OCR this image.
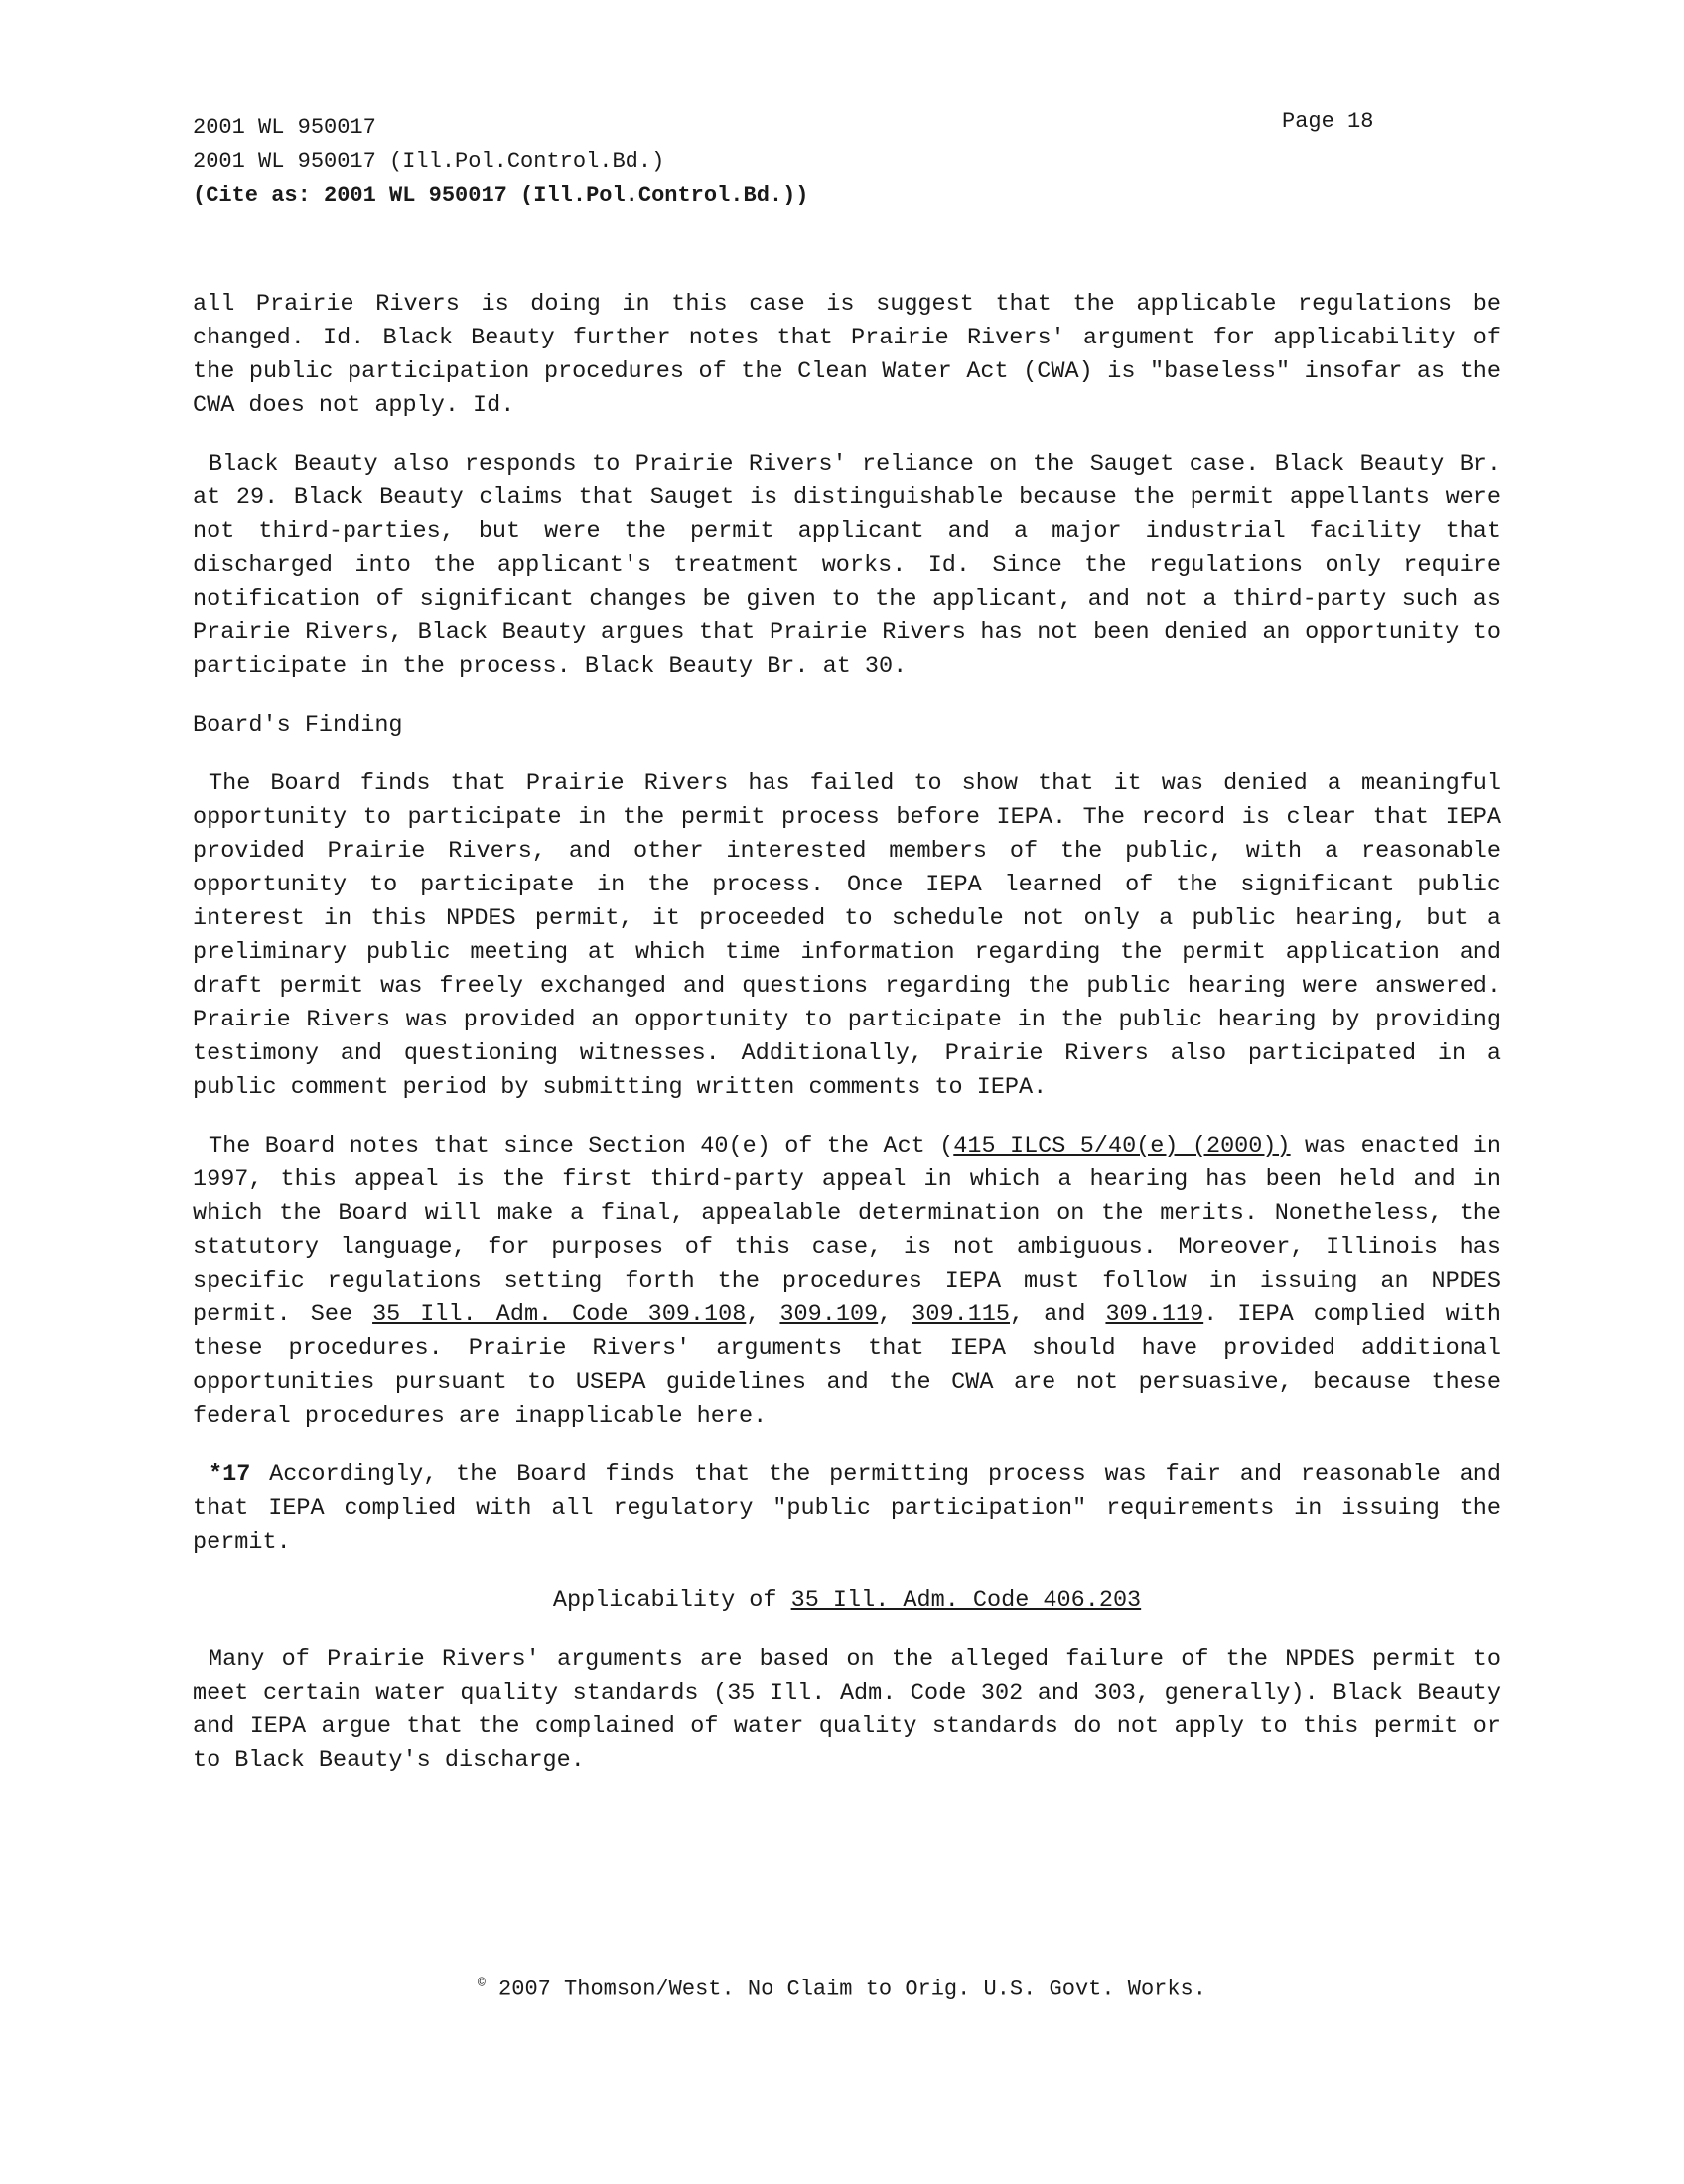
2001 WL 950017
2001 WL 950017 (Ill.Pol.Control.Bd.)
(Cite as: 2001 WL 950017 (Ill.Pol.Control.Bd.))
Page 18

all Prairie Rivers is doing in this case is suggest that the applicable regulations be changed. Id. Black Beauty further notes that Prairie Rivers' argument for applicability of the public participation procedures of the Clean Water Act (CWA) is "baseless" insofar as the CWA does not apply. Id.

Black Beauty also responds to Prairie Rivers' reliance on the Sauget case. Black Beauty Br. at 29. Black Beauty claims that Sauget is distinguishable because the permit appellants were not third-parties, but were the permit applicant and a major industrial facility that discharged into the applicant's treatment works. Id. Since the regulations only require notification of significant changes be given to the applicant, and not a third-party such as Prairie Rivers, Black Beauty argues that Prairie Rivers has not been denied an opportunity to participate in the process. Black Beauty Br. at 30.

Board's Finding

The Board finds that Prairie Rivers has failed to show that it was denied a meaningful opportunity to participate in the permit process before IEPA. The record is clear that IEPA provided Prairie Rivers, and other interested members of the public, with a reasonable opportunity to participate in the process. Once IEPA learned of the significant public interest in this NPDES permit, it proceeded to schedule not only a public hearing, but a preliminary public meeting at which time information regarding the permit application and draft permit was freely exchanged and questions regarding the public hearing were answered. Prairie Rivers was provided an opportunity to participate in the public hearing by providing testimony and questioning witnesses. Additionally, Prairie Rivers also participated in a public comment period by submitting written comments to IEPA.

The Board notes that since Section 40(e) of the Act (415 ILCS 5/40(e) (2000)) was enacted in 1997, this appeal is the first third-party appeal in which a hearing has been held and in which the Board will make a final, appealable determination on the merits. Nonetheless, the statutory language, for purposes of this case, is not ambiguous. Moreover, Illinois has specific regulations setting forth the procedures IEPA must follow in issuing an NPDES permit. See 35 Ill. Adm. Code 309.108, 309.109, 309.115, and 309.119. IEPA complied with these procedures. Prairie Rivers' arguments that IEPA should have provided additional opportunities pursuant to USEPA guidelines and the CWA are not persuasive, because these federal procedures are inapplicable here.

*17 Accordingly, the Board finds that the permitting process was fair and reasonable and that IEPA complied with all regulatory "public participation" requirements in issuing the permit.

Applicability of 35 Ill. Adm. Code 406.203

Many of Prairie Rivers' arguments are based on the alleged failure of the NPDES permit to meet certain water quality standards (35 Ill. Adm. Code 302 and 303, generally). Black Beauty and IEPA argue that the complained of water quality standards do not apply to this permit or to Black Beauty's discharge.

© 2007 Thomson/West. No Claim to Orig. U.S. Govt. Works.
